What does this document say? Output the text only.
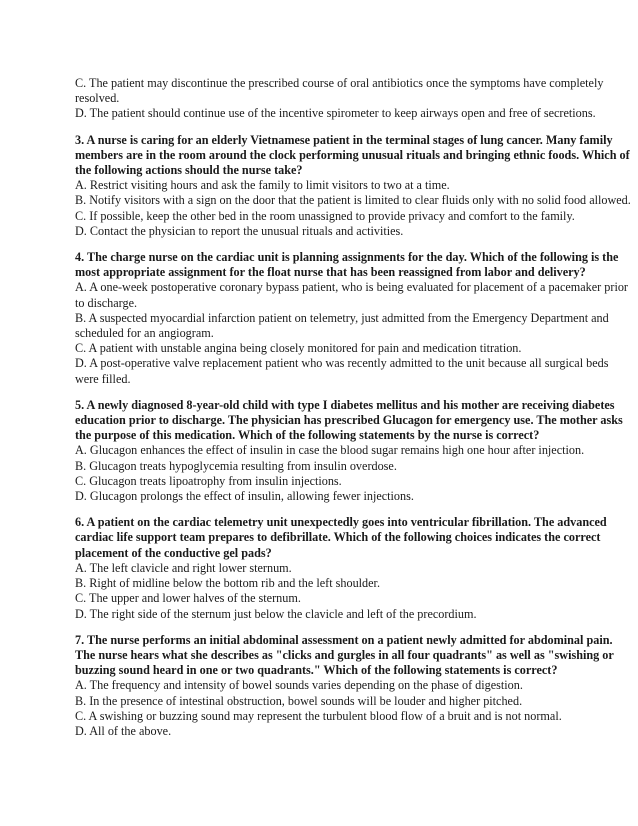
C. The patient may discontinue the prescribed course of oral antibiotics once the symptoms have completely
resolved.
D. The patient should continue use of the incentive spirometer to keep airways open and free of secretions.
3. A nurse is caring for an elderly Vietnamese patient in the terminal stages of lung cancer. Many family
members are in the room around the clock performing unusual rituals and bringing ethnic foods. Which of
the following actions should the nurse take?
A. Restrict visiting hours and ask the family to limit visitors to two at a time.
B. Notify visitors with a sign on the door that the patient is limited to clear fluids only with no solid food allowed.
C. If possible, keep the other bed in the room unassigned to provide privacy and comfort to the family.
D. Contact the physician to report the unusual rituals and activities.
4. The charge nurse on the cardiac unit is planning assignments for the day. Which of the following is the
most appropriate assignment for the float nurse that has been reassigned from labor and delivery?
A. A one-week postoperative coronary bypass patient, who is being evaluated for placement of a pacemaker prior
to discharge.
B. A suspected myocardial infarction patient on telemetry, just admitted from the Emergency Department and
scheduled for an angiogram.
C. A patient with unstable angina being closely monitored for pain and medication titration.
D. A post-operative valve replacement patient who was recently admitted to the unit because all surgical beds
were filled.
5. A newly diagnosed 8-year-old child with type I diabetes mellitus and his mother are receiving diabetes
education prior to discharge. The physician has prescribed Glucagon for emergency use. The mother asks
the purpose of this medication. Which of the following statements by the nurse is correct?
A. Glucagon enhances the effect of insulin in case the blood sugar remains high one hour after injection.
B. Glucagon treats hypoglycemia resulting from insulin overdose.
C. Glucagon treats lipoatrophy from insulin injections.
D. Glucagon prolongs the effect of insulin, allowing fewer injections.
6. A patient on the cardiac telemetry unit unexpectedly goes into ventricular fibrillation. The advanced
cardiac life support team prepares to defibrillate. Which of the following choices indicates the correct
placement of the conductive gel pads?
A. The left clavicle and right lower sternum.
B. Right of midline below the bottom rib and the left shoulder.
C. The upper and lower halves of the sternum.
D. The right side of the sternum just below the clavicle and left of the precordium.
7. The nurse performs an initial abdominal assessment on a patient newly admitted for abdominal pain.
The nurse hears what she describes as "clicks and gurgles in all four quadrants" as well as "swishing or
buzzing sound heard in one or two quadrants." Which of the following statements is correct?
A. The frequency and intensity of bowel sounds varies depending on the phase of digestion.
B. In the presence of intestinal obstruction, bowel sounds will be louder and higher pitched.
C. A swishing or buzzing sound may represent the turbulent blood flow of a bruit and is not normal.
D. All of the above.
